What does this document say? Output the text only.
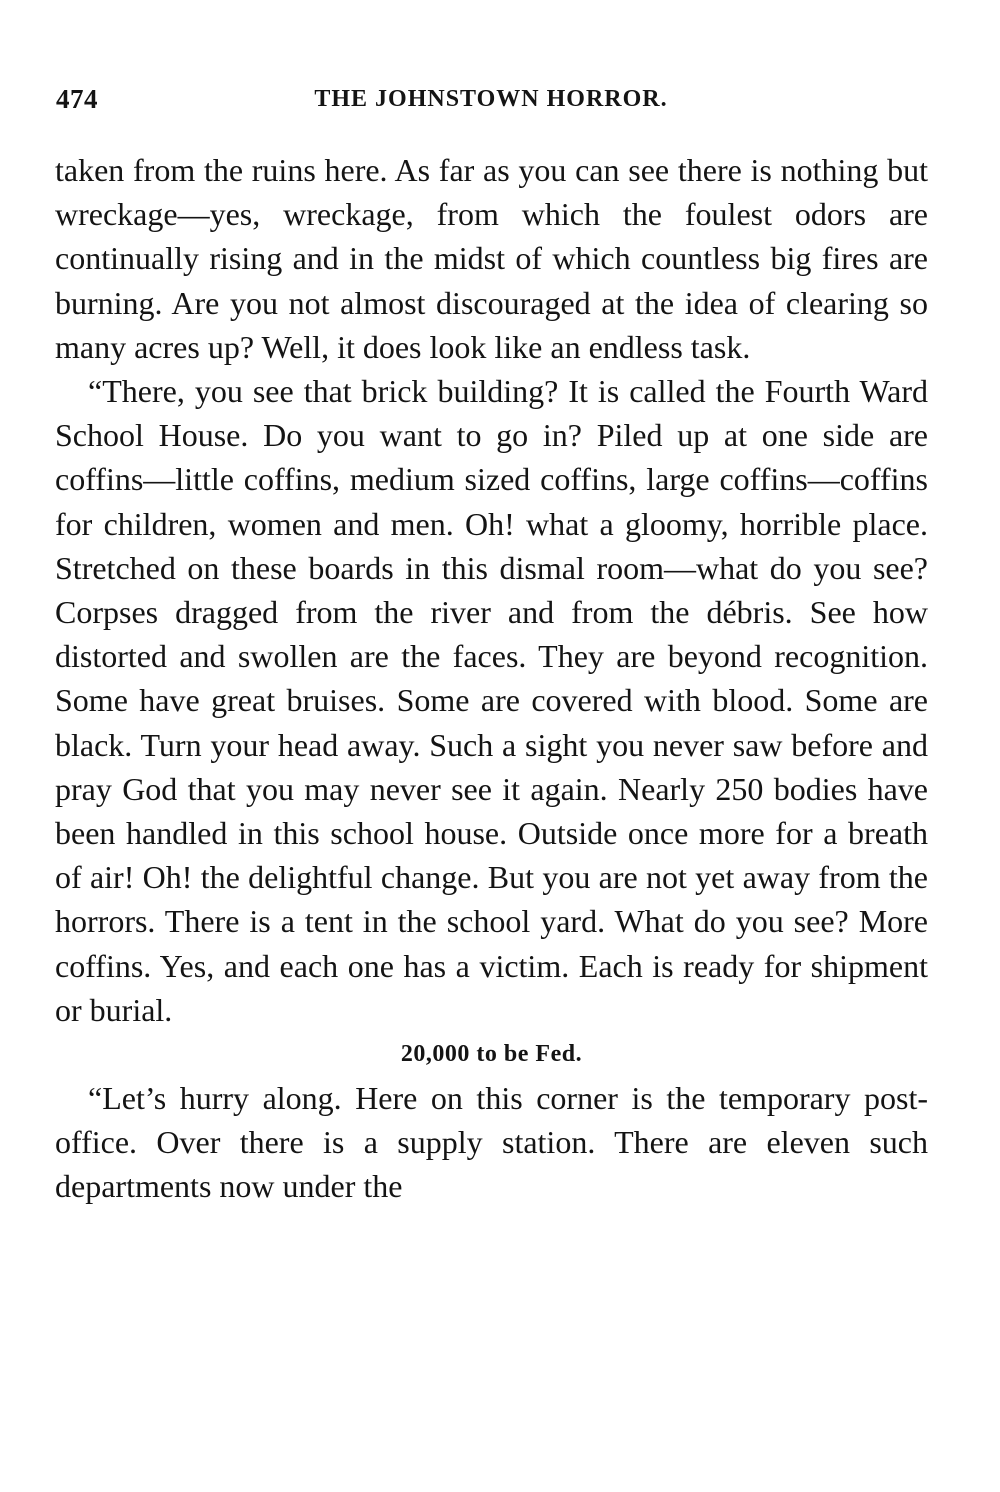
474	THE JOHNSTOWN HORROR.

taken from the ruins here. As far as you can see there is nothing but wreckage—yes, wreckage, from which the foulest odors are continually rising and in the midst of which countless big fires are burning. Are you not almost discouraged at the idea of clearing so many acres up? Well, it does look like an endless task.

“There, you see that brick building? It is called the Fourth Ward School House. Do you want to go in? Piled up at one side are coffins—little coffins, medium sized coffins, large coffins—coffins for children, women and men. Oh! what a gloomy, horrible place. Stretched on these boards in this dismal room—what do you see? Corpses dragged from the river and from the débris. See how distorted and swollen are the faces. They are beyond recognition. Some have great bruises. Some are covered with blood. Some are black. Turn your head away. Such a sight you never saw before and pray God that you may never see it again. Nearly 250 bodies have been handled in this school house. Outside once more for a breath of air! Oh! the delightful change. But you are not yet away from the horrors. There is a tent in the school yard. What do you see? More coffins. Yes, and each one has a victim. Each is ready for shipment or burial.

20,000 to be Fed.

“Let’s hurry along. Here on this corner is the temporary post-office. Over there is a supply station. There are eleven such departments now under the
